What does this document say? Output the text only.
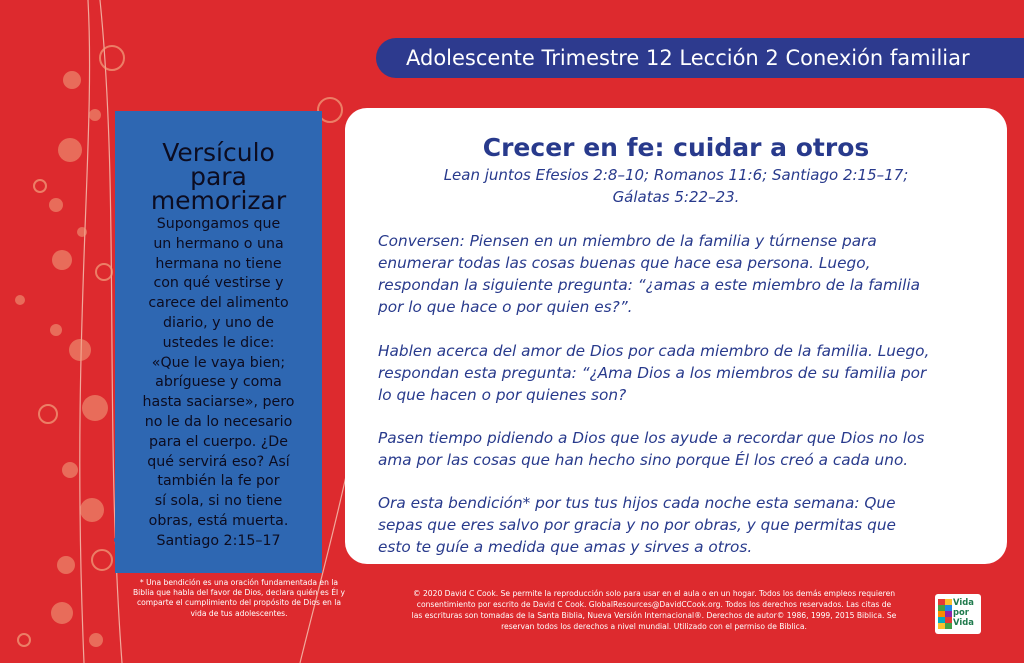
Adolescente Trimestre 12 Lección 2 Conexión familiar
Versículo
para
memorizar
Supongamos que
un hermano o una
hermana no tiene
con qué vestirse y
carece del alimento
diario, y uno de
ustedes le dice:
«Que le vaya bien;
abríguese y coma
hasta saciarse», pero
no le da lo necesario
para el cuerpo. ¿De
qué servirá eso? Así
también la fe por
sí sola, si no tiene
obras, está muerta.
Santiago 2:15–17
* Una bendición es una oración fundamentada en la
Biblia que habla del favor de Dios, declara quién es Él y
comparte el cumplimiento del propósito de Dios en la
vida de tus adolescentes.
Crecer en fe: cuidar a otros
Lean juntos Efesios 2:8–10; Romanos 11:6; Santiago 2:15–17;
Gálatas 5:22–23.
Conversen: Piensen en un miembro de la familia y túrnense para
enumerar todas las cosas buenas que hace esa persona. Luego,
respondan la siguiente pregunta: “¿amas a este miembro de la familia
por lo que hace o por quien es?”.
Hablen acerca del amor de Dios por cada miembro de la familia. Luego,
respondan esta pregunta: “¿Ama Dios a los miembros de su familia por
lo que hacen o por quienes son?
Pasen tiempo pidiendo a Dios que los ayude a recordar que Dios no los
ama por las cosas que han hecho sino porque Él los creó a cada uno.
Ora esta bendición* por tus tus hijos cada noche esta semana: Que
sepas que eres salvo por gracia y no por obras, y que permitas que
esto te guíe a medida que amas y sirves a otros.
© 2020 David C Cook. Se permite la reproducción solo para usar en el aula o en un hogar. Todos los demás empleos requieren
consentimiento por escrito de David C Cook. GlobalResources@DavidCCook.org. Todos los derechos reservados. Las citas de
las escrituras son tomadas de la Santa Biblia, Nueva Versión Internacional®. Derechos de autor© 1986, 1999, 2015 Biblica. Se
reservan todos los derechos a nivel mundial. Utilizado con el permiso de Biblica.
Vida
por
Vida
